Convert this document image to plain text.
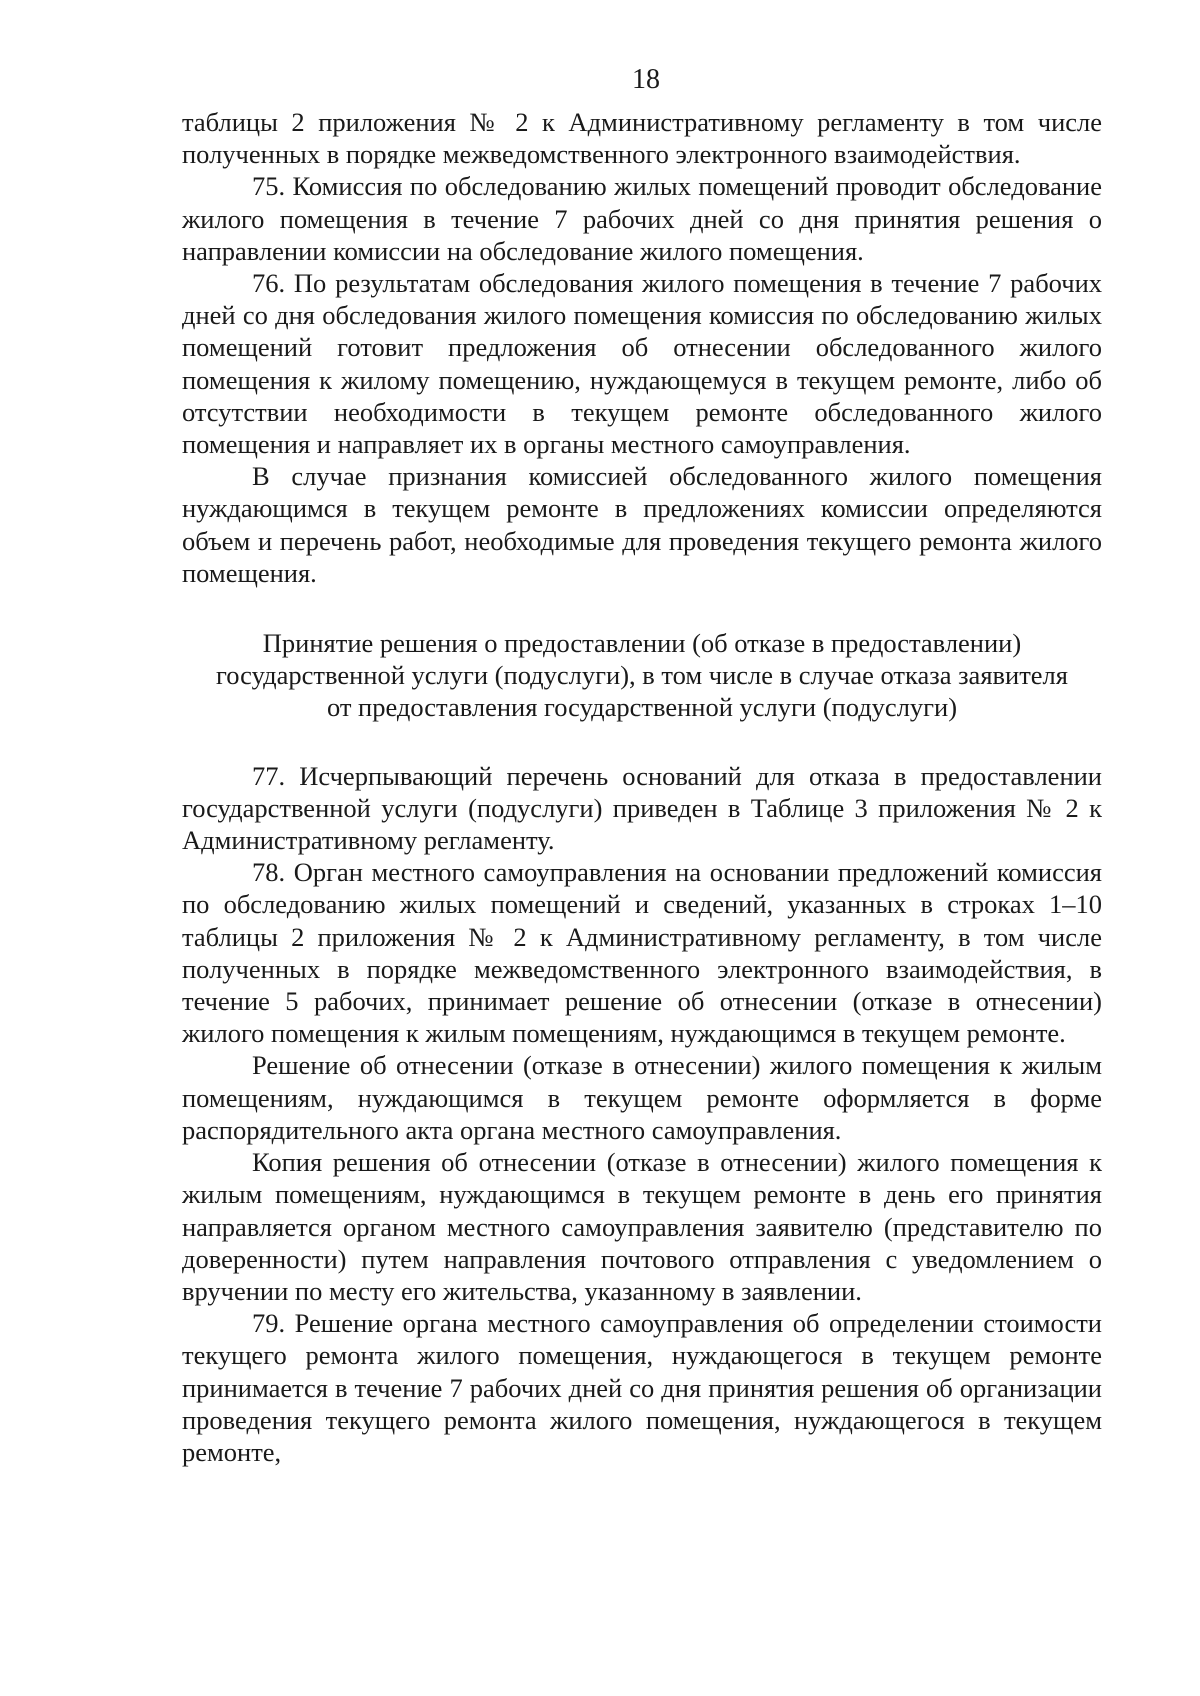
18

таблицы 2 приложения № 2 к Административному регламенту в том числе полученных в порядке межведомственного электронного взаимодействия.

75. Комиссия по обследованию жилых помещений проводит обследование жилого помещения в течение 7 рабочих дней со дня принятия решения о направлении комиссии на обследование жилого помещения.

76. По результатам обследования жилого помещения в течение 7 рабочих дней со дня обследования жилого помещения комиссия по обследованию жилых помещений готовит предложения об отнесении обследованного жилого помещения к жилому помещению, нуждающемуся в текущем ремонте, либо об отсутствии необходимости в текущем ремонте обследованного жилого помещения и направляет их в органы местного самоуправления.

В случае признания комиссией обследованного жилого помещения нуждающимся в текущем ремонте в предложениях комиссии определяются объем и перечень работ, необходимые для проведения текущего ремонта жилого помещения.

Принятие решения о предоставлении (об отказе в предоставлении)
государственной услуги (подуслуги), в том числе в случае отказа заявителя
от предоставления государственной услуги (подуслуги)

77. Исчерпывающий перечень оснований для отказа в предоставлении государственной услуги (подуслуги) приведен в Таблице 3 приложения № 2 к Административному регламенту.

78. Орган местного самоуправления на основании предложений комиссия по обследованию жилых помещений и сведений, указанных в строках 1–10 таблицы 2 приложения № 2 к Административному регламенту, в том числе полученных в порядке межведомственного электронного взаимодействия, в течение 5 рабочих, принимает решение об отнесении (отказе в отнесении) жилого помещения к жилым помещениям, нуждающимся в текущем ремонте.

Решение об отнесении (отказе в отнесении) жилого помещения к жилым помещениям, нуждающимся в текущем ремонте оформляется в форме распорядительного акта органа местного самоуправления.

Копия решения об отнесении (отказе в отнесении) жилого помещения к жилым помещениям, нуждающимся в текущем ремонте в день его принятия направляется органом местного самоуправления заявителю (представителю по доверенности) путем направления почтового отправления с уведомлением о вручении по месту его жительства, указанному в заявлении.

79. Решение органа местного самоуправления об определении стоимости текущего ремонта жилого помещения, нуждающегося в текущем ремонте принимается в течение 7 рабочих дней со дня принятия решения об организации проведения текущего ремонта жилого помещения, нуждающегося в текущем ремонте,
